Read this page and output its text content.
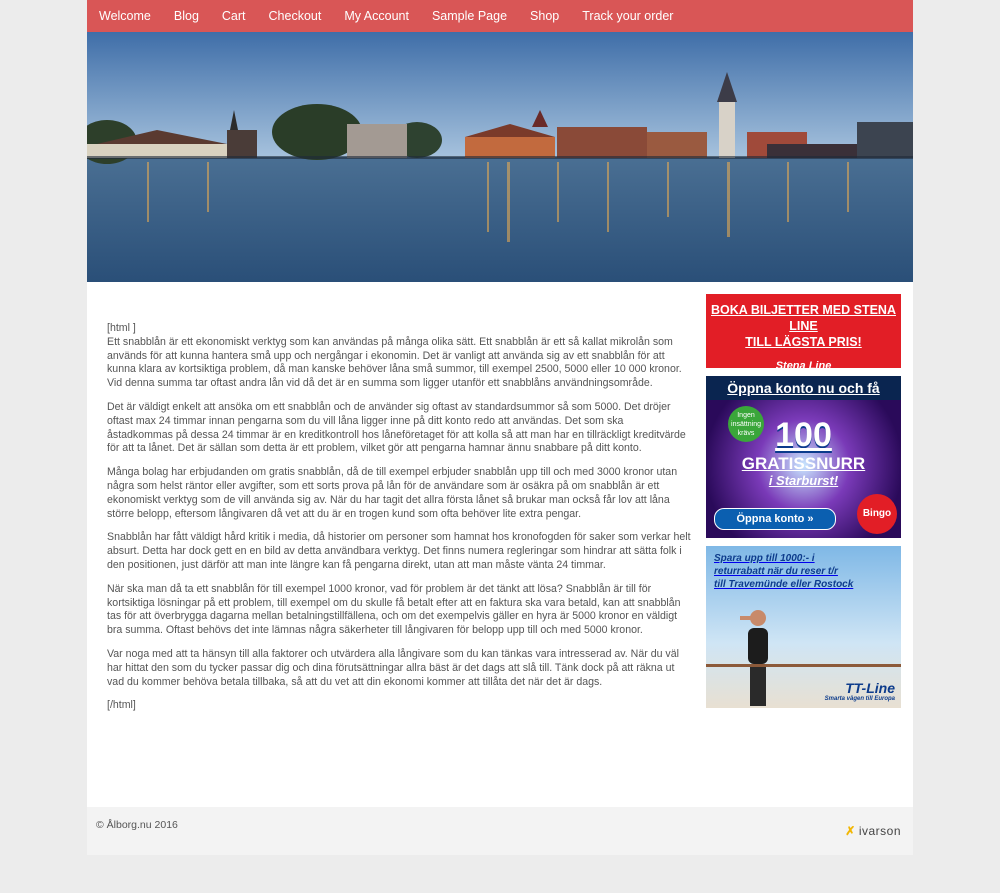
Welcome	Blog	Cart	Checkout	My Account	Sample Page	Shop	Track your order
[html ]

Ett snabblån är ett ekonomiskt verktyg som kan användas på många olika sätt. Ett snabblån är ett så kallat mikrolån som används för att kunna hantera små upp och nergångar i ekonomin. Det är vanligt att använda sig av ett snabblån för att kunna klara av kortsiktiga problem, då man kanske behöver låna små summor, till exempel 2500, 5000 eller 10 000 kronor. Vid denna summa tar oftast andra lån vid då det är en summa som ligger utanför ett snabblåns användningsområde.

Det är väldigt enkelt att ansöka om ett snabblån och de använder sig oftast av standardsummor så som 5000. Det dröjer oftast max 24 timmar innan pengarna som du vill låna ligger inne på ditt konto redo att användas. Det som ska åstadkommas på dessa 24 timmar är en kreditkontroll hos låneföretaget för att kolla så att man har en tillräckligt kreditvärde för att ta lånet. Det är sällan som detta är ett problem, vilket gör att pengarna hamnar ännu snabbare på ditt konto.

Många bolag har erbjudanden om gratis snabblån, då de till exempel erbjuder snabblån upp till och med 3000 kronor utan några som helst räntor eller avgifter, som ett sorts prova på lån för de användare som är osäkra på om snabblån är ett ekonomiskt verktyg som de vill använda sig av. När du har tagit det allra första lånet så brukar man också får lov att låna större belopp, eftersom långivaren då vet att du är en trogen kund som ofta behöver lite extra pengar.

Snabblån har fått väldigt hård kritik i media, då historier om personer som hamnat hos kronofogden för saker som verkar helt absurt. Detta har dock gett en en bild av detta användbara verktyg. Det finns numera regleringar som hindrar att sätta folk i den positionen, just därför att man inte längre kan få pengarna direkt, utan att man måste vänta 24 timmar.

När ska man då ta ett snabblån för till exempel 1000 kronor, vad för problem är det tänkt att lösa? Snabblån är till för kortsiktiga lösningar på ett problem, till exempel om du skulle få betalt efter att en faktura ska vara betald, kan att snabblån tas för att överbrygga dagarna mellan betalningstillfällena, och om det exempelvis gäller en hyra är 5000 kronor en väldigt bra summa. Oftast behövs det inte lämnas några säkerheter till långivaren för belopp upp till och med 5000 kronor.

Var noga med att ta hänsyn till alla faktorer och utvärdera alla långivare som du kan tänkas vara intresserad av. När du väl har hittat den som du tycker passar dig och dina förutsättningar allra bäst är det dags att slå till. Tänk dock på att räkna ut vad du kommer behöva betala tillbaka, så att du vet att din ekonomi kommer att tillåta det när det är dags.

[/html]

BOKA BILJETTER MED STENA LINE
TILL LÄGSTA PRIS!
Stena Line
Öppna konto nu och få
Ingen insättning krävs 100
GRATISSNURR
i Starburst!
Öppna konto »	Bingo
Spara upp till 1000:- i
returrabatt när du reser t/r
till Travemünde eller Rostock
TT-Line
Smarta vägen till Europa
© Ålborg.nu 2016	✗ ivarson
